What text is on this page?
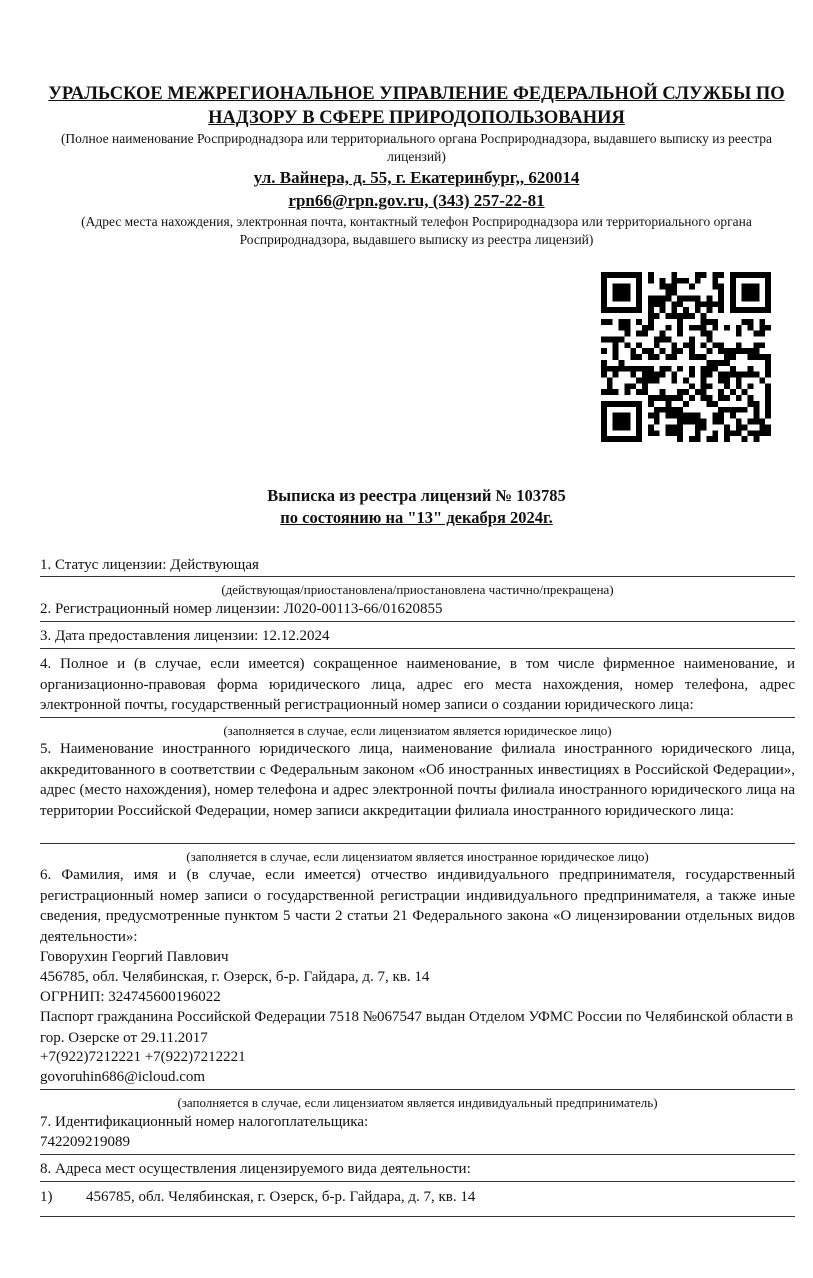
УРАЛЬСКОЕ МЕЖРЕГИОНАЛЬНОЕ УПРАВЛЕНИЕ ФЕДЕРАЛЬНОЙ СЛУЖБЫ ПО НАДЗОРУ В СФЕРЕ ПРИРОДОПОЛЬЗОВАНИЯ
(Полное наименование Росприроднадзора или территориального органа Росприроднадзора, выдавшего выписку из реестра лицензий)
ул. Вайнера, д. 55, г. Екатеринбург,, 620014
rpn66@rpn.gov.ru, (343) 257-22-81
(Адрес места нахождения, электронная почта, контактный телефон Росприроднадзора или территориального органа Росприроднадзора, выдавшего выписку из реестра лицензий)
Выписка из реестра лицензий № 103785
по состоянию на "13" декабря 2024г.
1. Статус лицензии: Действующая
(действующая/приостановлена/приостановлена частично/прекращена)
2. Регистрационный номер лицензии: Л020-00113-66/01620855
3. Дата предоставления лицензии: 12.12.2024
4. Полное и (в случае, если имеется) сокращенное наименование, в том числе фирменное наименование, и организационно-правовая форма юридического лица, адрес его места нахождения, номер телефона, адрес электронной почты, государственный регистрационный номер записи о создании юридического лица:
(заполняется в случае, если лицензиатом является юридическое лицо)
5. Наименование иностранного юридического лица, наименование филиала иностранного юридического лица, аккредитованного в соответствии с Федеральным законом «Об иностранных инвестициях в Российской Федерации», адрес (место нахождения), номер телефона и адрес электронной почты филиала иностранного юридического лица на территории Российской Федерации, номер записи аккредитации филиала иностранного юридического лица:
(заполняется в случае, если лицензиатом является иностранное юридическое лицо)
6. Фамилия, имя и (в случае, если имеется) отчество индивидуального предпринимателя, государственный регистрационный номер записи о государственной регистрации индивидуального предпринимателя, а также иные сведения, предусмотренные пунктом 5 части 2 статьи 21 Федерального закона «О лицензировании отдельных видов деятельности»:
Говорухин Георгий Павлович
456785, обл. Челябинская, г. Озерск, б-р. Гайдара, д. 7, кв. 14
ОГРНИП: 324745600196022
Паспорт гражданина Российской Федерации 7518 №067547 выдан Отделом УФМС России по Челябинской области в гор. Озерске от 29.11.2017
+7(922)7212221 +7(922)7212221
govoruhin686@icloud.com
(заполняется в случае, если лицензиатом является индивидуальный предприниматель)
7. Идентификационный номер налогоплательщика:
742209219089
8. Адреса мест осуществления лицензируемого вида деятельности:
1) 456785, обл. Челябинская, г. Озерск, б-р. Гайдара, д. 7, кв. 14
